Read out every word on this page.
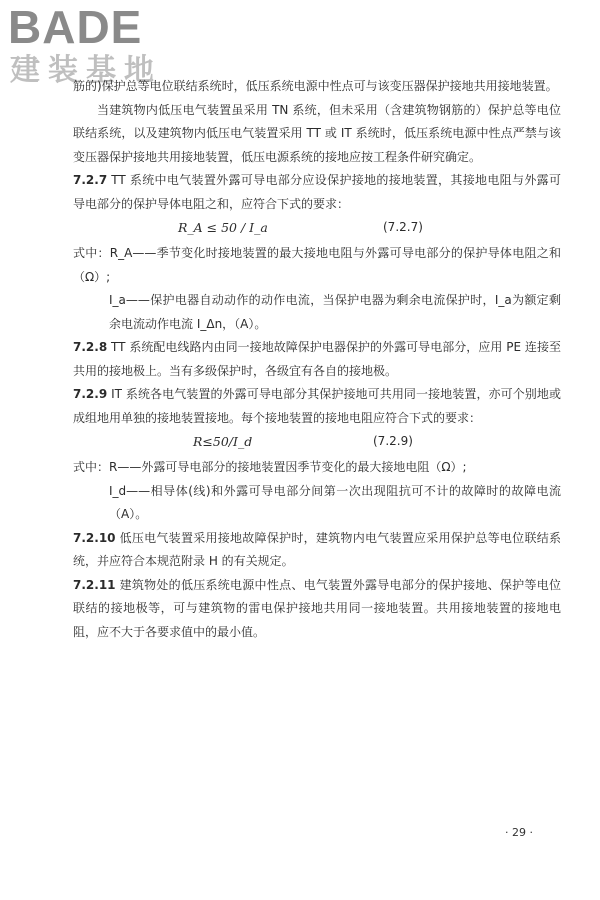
BADE
建装基地

筋的)保护总等电位联结系统时，低压系统电源中性点可与该变压器保护接地共用接地装置。

当建筑物内低压电气装置虽采用 TN 系统，但未采用（含建筑物钢筋的）保护总等电位联结系统，以及建筑物内低压电气装置采用 TT 或 IT 系统时，低压系统电源中性点严禁与该变压器保护接地共用接地装置，低压电源系统的接地应按工程条件研究确定。

7.2.7 TT 系统中电气装置外露可导电部分应设保护接地的接地装置，其接地电阻与外露可导电部分的保护导体电阻之和，应符合下式的要求：

R_A ≤ 50 / I_a	(7.2.7)

式中：R_A——季节变化时接地装置的最大接地电阻与外露可导电部分的保护导体电阻之和（Ω）;

I_a——保护电器自动动作的动作电流，当保护电器为剩余电流保护时，I_a为额定剩余电流动作电流 I_Δn，（A）。

7.2.8 TT 系统配电线路内由同一接地故障保护电器保护的外露可导电部分，应用 PE 连接至共用的接地极上。当有多级保护时，各级宜有各自的接地极。

7.2.9 IT 系统各电气装置的外露可导电部分其保护接地可共用同一接地装置，亦可个别地或成组地用单独的接地装置接地。每个接地装置的接地电阻应符合下式的要求：

R≤50/I_d	(7.2.9)

式中：R——外露可导电部分的接地装置因季节变化的最大接地电阻（Ω）;

I_d——相导体(线)和外露可导电部分间第一次出现阻抗可不计的故障时的故障电流（A）。

7.2.10 低压电气装置采用接地故障保护时，建筑物内电气装置应采用保护总等电位联结系统，并应符合本规范附录 H 的有关规定。

7.2.11 建筑物处的低压系统电源中性点、电气装置外露导电部分的保护接地、保护等电位联结的接地极等，可与建筑物的雷电保护接地共用同一接地装置。共用接地装置的接地电阻，应不大于各要求值中的最小值。

· 29 ·
